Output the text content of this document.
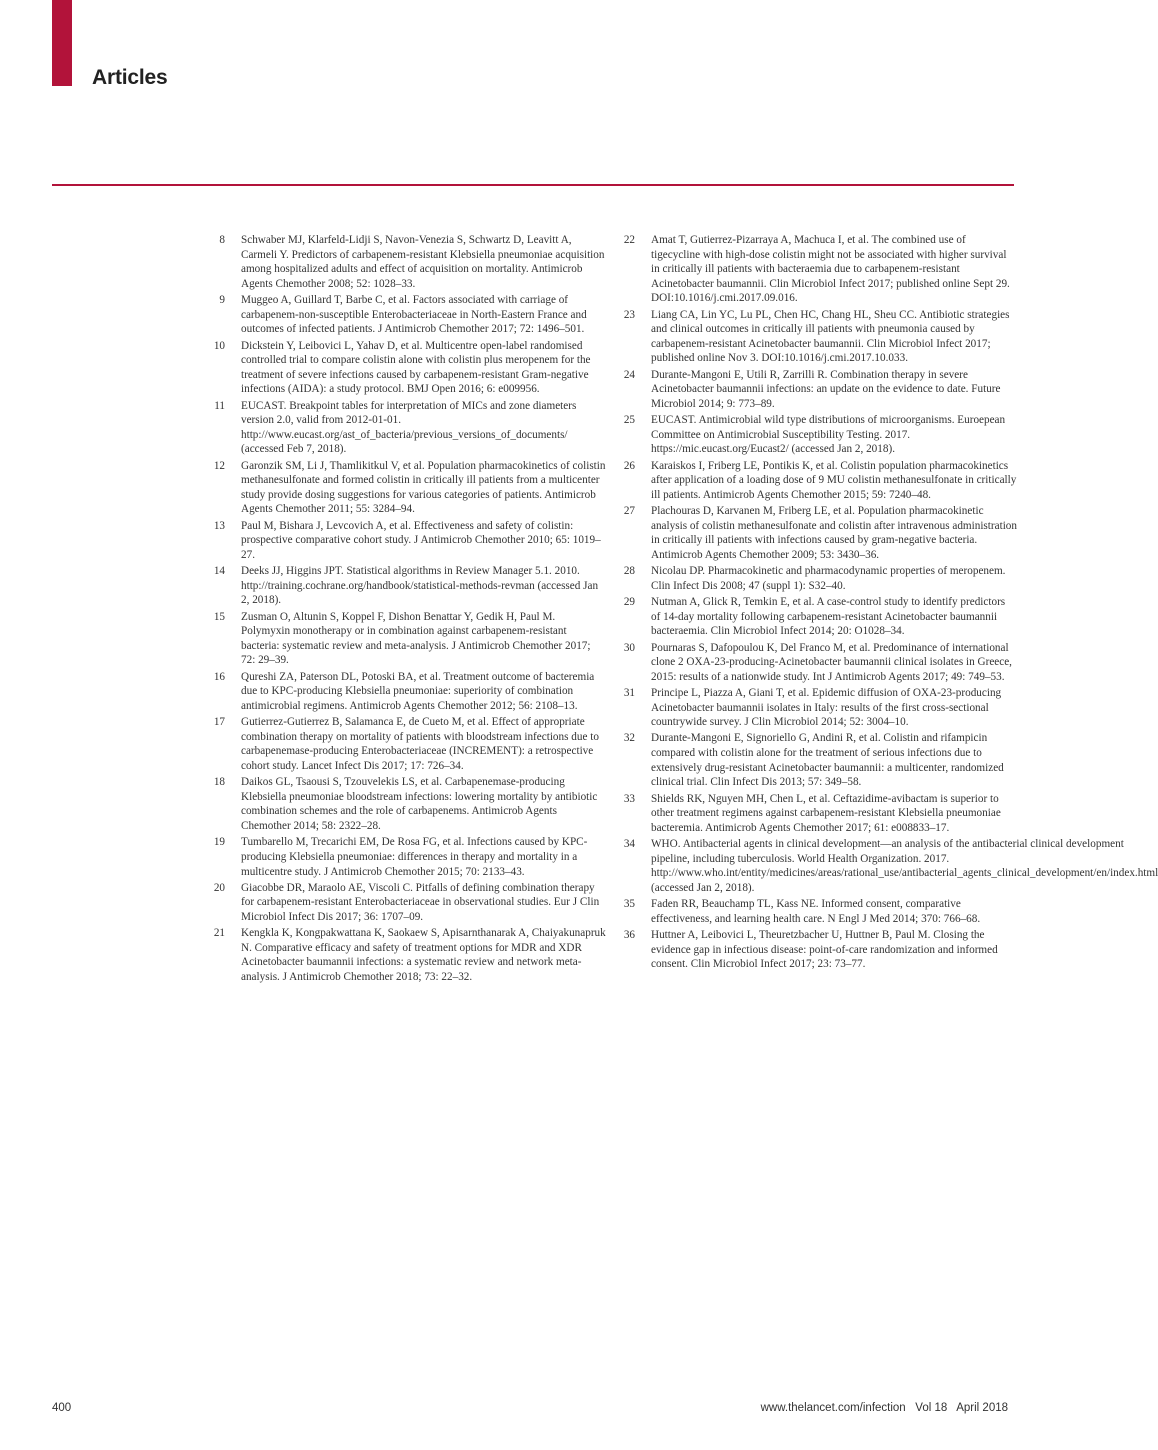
Articles
8	Schwaber MJ, Klarfeld-Lidji S, Navon-Venezia S, Schwartz D, Leavitt A, Carmeli Y. Predictors of carbapenem-resistant Klebsiella pneumoniae acquisition among hospitalized adults and effect of acquisition on mortality. Antimicrob Agents Chemother 2008; 52: 1028–33.
9	Muggeo A, Guillard T, Barbe C, et al. Factors associated with carriage of carbapenem-non-susceptible Enterobacteriaceae in North-Eastern France and outcomes of infected patients. J Antimicrob Chemother 2017; 72: 1496–501.
10	Dickstein Y, Leibovici L, Yahav D, et al. Multicentre open-label randomised controlled trial to compare colistin alone with colistin plus meropenem for the treatment of severe infections caused by carbapenem-resistant Gram-negative infections (AIDA): a study protocol. BMJ Open 2016; 6: e009956.
11	EUCAST. Breakpoint tables for interpretation of MICs and zone diameters version 2.0, valid from 2012-01-01. http://www.eucast.org/ast_of_bacteria/previous_versions_of_documents/ (accessed Feb 7, 2018).
12	Garonzik SM, Li J, Thamlikitkul V, et al. Population pharmacokinetics of colistin methanesulfonate and formed colistin in critically ill patients from a multicenter study provide dosing suggestions for various categories of patients. Antimicrob Agents Chemother 2011; 55: 3284–94.
13	Paul M, Bishara J, Levcovich A, et al. Effectiveness and safety of colistin: prospective comparative cohort study. J Antimicrob Chemother 2010; 65: 1019–27.
14	Deeks JJ, Higgins JPT. Statistical algorithms in Review Manager 5.1. 2010. http://training.cochrane.org/handbook/statistical-methods-revman (accessed Jan 2, 2018).
15	Zusman O, Altunin S, Koppel F, Dishon Benattar Y, Gedik H, Paul M. Polymyxin monotherapy or in combination against carbapenem-resistant bacteria: systematic review and meta-analysis. J Antimicrob Chemother 2017; 72: 29–39.
16	Qureshi ZA, Paterson DL, Potoski BA, et al. Treatment outcome of bacteremia due to KPC-producing Klebsiella pneumoniae: superiority of combination antimicrobial regimens. Antimicrob Agents Chemother 2012; 56: 2108–13.
17	Gutierrez-Gutierrez B, Salamanca E, de Cueto M, et al. Effect of appropriate combination therapy on mortality of patients with bloodstream infections due to carbapenemase-producing Enterobacteriaceae (INCREMENT): a retrospective cohort study. Lancet Infect Dis 2017; 17: 726–34.
18	Daikos GL, Tsaousi S, Tzouvelekis LS, et al. Carbapenemase-producing Klebsiella pneumoniae bloodstream infections: lowering mortality by antibiotic combination schemes and the role of carbapenems. Antimicrob Agents Chemother 2014; 58: 2322–28.
19	Tumbarello M, Trecarichi EM, De Rosa FG, et al. Infections caused by KPC-producing Klebsiella pneumoniae: differences in therapy and mortality in a multicentre study. J Antimicrob Chemother 2015; 70: 2133–43.
20	Giacobbe DR, Maraolo AE, Viscoli C. Pitfalls of defining combination therapy for carbapenem-resistant Enterobacteriaceae in observational studies. Eur J Clin Microbiol Infect Dis 2017; 36: 1707–09.
21	Kengkla K, Kongpakwattana K, Saokaew S, Apisarnthanarak A, Chaiyakunapruk N. Comparative efficacy and safety of treatment options for MDR and XDR Acinetobacter baumannii infections: a systematic review and network meta-analysis. J Antimicrob Chemother 2018; 73: 22–32.
22	Amat T, Gutierrez-Pizarraya A, Machuca I, et al. The combined use of tigecycline with high-dose colistin might not be associated with higher survival in critically ill patients with bacteraemia due to carbapenem-resistant Acinetobacter baumannii. Clin Microbiol Infect 2017; published online Sept 29. DOI:10.1016/j.cmi.2017.09.016.
23	Liang CA, Lin YC, Lu PL, Chen HC, Chang HL, Sheu CC. Antibiotic strategies and clinical outcomes in critically ill patients with pneumonia caused by carbapenem-resistant Acinetobacter baumannii. Clin Microbiol Infect 2017; published online Nov 3. DOI:10.1016/j.cmi.2017.10.033.
24	Durante-Mangoni E, Utili R, Zarrilli R. Combination therapy in severe Acinetobacter baumannii infections: an update on the evidence to date. Future Microbiol 2014; 9: 773–89.
25	EUCAST. Antimicrobial wild type distributions of microorganisms. Euroepean Committee on Antimicrobial Susceptibility Testing. 2017. https://mic.eucast.org/Eucast2/ (accessed Jan 2, 2018).
26	Karaiskos I, Friberg LE, Pontikis K, et al. Colistin population pharmacokinetics after application of a loading dose of 9 MU colistin methanesulfonate in critically ill patients. Antimicrob Agents Chemother 2015; 59: 7240–48.
27	Plachouras D, Karvanen M, Friberg LE, et al. Population pharmacokinetic analysis of colistin methanesulfonate and colistin after intravenous administration in critically ill patients with infections caused by gram-negative bacteria. Antimicrob Agents Chemother 2009; 53: 3430–36.
28	Nicolau DP. Pharmacokinetic and pharmacodynamic properties of meropenem. Clin Infect Dis 2008; 47 (suppl 1): S32–40.
29	Nutman A, Glick R, Temkin E, et al. A case-control study to identify predictors of 14-day mortality following carbapenem-resistant Acinetobacter baumannii bacteraemia. Clin Microbiol Infect 2014; 20: O1028–34.
30	Pournaras S, Dafopoulou K, Del Franco M, et al. Predominance of international clone 2 OXA-23-producing-Acinetobacter baumannii clinical isolates in Greece, 2015: results of a nationwide study. Int J Antimicrob Agents 2017; 49: 749–53.
31	Principe L, Piazza A, Giani T, et al. Epidemic diffusion of OXA-23-producing Acinetobacter baumannii isolates in Italy: results of the first cross-sectional countrywide survey. J Clin Microbiol 2014; 52: 3004–10.
32	Durante-Mangoni E, Signoriello G, Andini R, et al. Colistin and rifampicin compared with colistin alone for the treatment of serious infections due to extensively drug-resistant Acinetobacter baumannii: a multicenter, randomized clinical trial. Clin Infect Dis 2013; 57: 349–58.
33	Shields RK, Nguyen MH, Chen L, et al. Ceftazidime-avibactam is superior to other treatment regimens against carbapenem-resistant Klebsiella pneumoniae bacteremia. Antimicrob Agents Chemother 2017; 61: e008833–17.
34	WHO. Antibacterial agents in clinical development—an analysis of the antibacterial clinical development pipeline, including tuberculosis. World Health Organization. 2017. http://www.who.int/entity/medicines/areas/rational_use/antibacterial_agents_clinical_development/en/index.html (accessed Jan 2, 2018).
35	Faden RR, Beauchamp TL, Kass NE. Informed consent, comparative effectiveness, and learning health care. N Engl J Med 2014; 370: 766–68.
36	Huttner A, Leibovici L, Theuretzbacher U, Huttner B, Paul M. Closing the evidence gap in infectious disease: point-of-care randomization and informed consent. Clin Microbiol Infect 2017; 23: 73–77.
400	www.thelancet.com/infection   Vol 18   April 2018
